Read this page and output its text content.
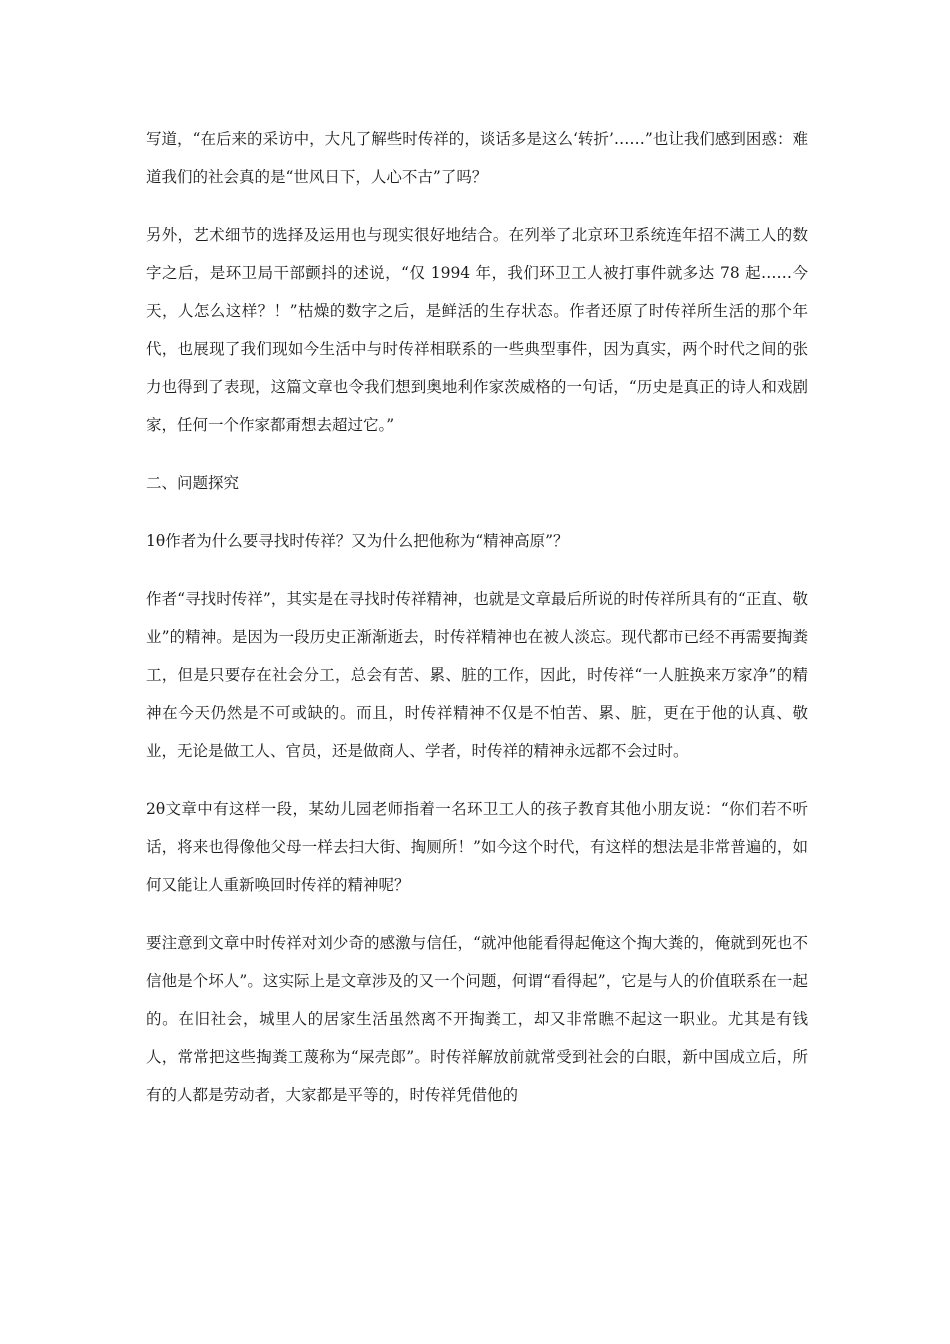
写道，“在后来的采访中，大凡了解些时传祥的，谈话多是这么‘转折’……”也让我们感到困惑：难道我们的社会真的是“世风日下，人心不古”了吗？

另外，艺术细节的选择及运用也与现实很好地结合。在列举了北京环卫系统连年招不满工人的数字之后，是环卫局干部颤抖的述说，“仅 1994 年，我们环卫工人被打事件就多达 78 起……今天，人怎么这样？！”枯燥的数字之后，是鲜活的生存状态。作者还原了时传祥所生活的那个年代，也展现了我们现如今生活中与时传祥相联系的一些典型事件，因为真实，两个时代之间的张力也得到了表现，这篇文章也令我们想到奥地利作家茨威格的一句话，“历史是真正的诗人和戏剧家，任何一个作家都甭想去超过它。”

二、问题探究

1θ作者为什么要寻找时传祥？又为什么把他称为“精神高原”？

作者“寻找时传祥”，其实是在寻找时传祥精神，也就是文章最后所说的时传祥所具有的“正直、敬业”的精神。是因为一段历史正渐渐逝去，时传祥精神也在被人淡忘。现代都市已经不再需要掏粪工，但是只要存在社会分工，总会有苦、累、脏的工作，因此，时传祥“一人脏换来万家净”的精神在今天仍然是不可或缺的。而且，时传祥精神不仅是不怕苦、累、脏，更在于他的认真、敬业，无论是做工人、官员，还是做商人、学者，时传祥的精神永远都不会过时。

2θ文章中有这样一段，某幼儿园老师指着一名环卫工人的孩子教育其他小朋友说：“你们若不听话，将来也得像他父母一样去扫大街、掏厕所！”如今这个时代，有这样的想法是非常普遍的，如何又能让人重新唤回时传祥的精神呢？

要注意到文章中时传祥对刘少奇的感激与信任，“就冲他能看得起俺这个掏大粪的，俺就到死也不信他是个坏人”。这实际上是文章涉及的又一个问题，何谓“看得起”，它是与人的价值联系在一起的。在旧社会，城里人的居家生活虽然离不开掏粪工，却又非常瞧不起这一职业。尤其是有钱人，常常把这些掏粪工蔑称为“屎壳郎”。时传祥解放前就常受到社会的白眼，新中国成立后，所有的人都是劳动者，大家都是平等的，时传祥凭借他的
